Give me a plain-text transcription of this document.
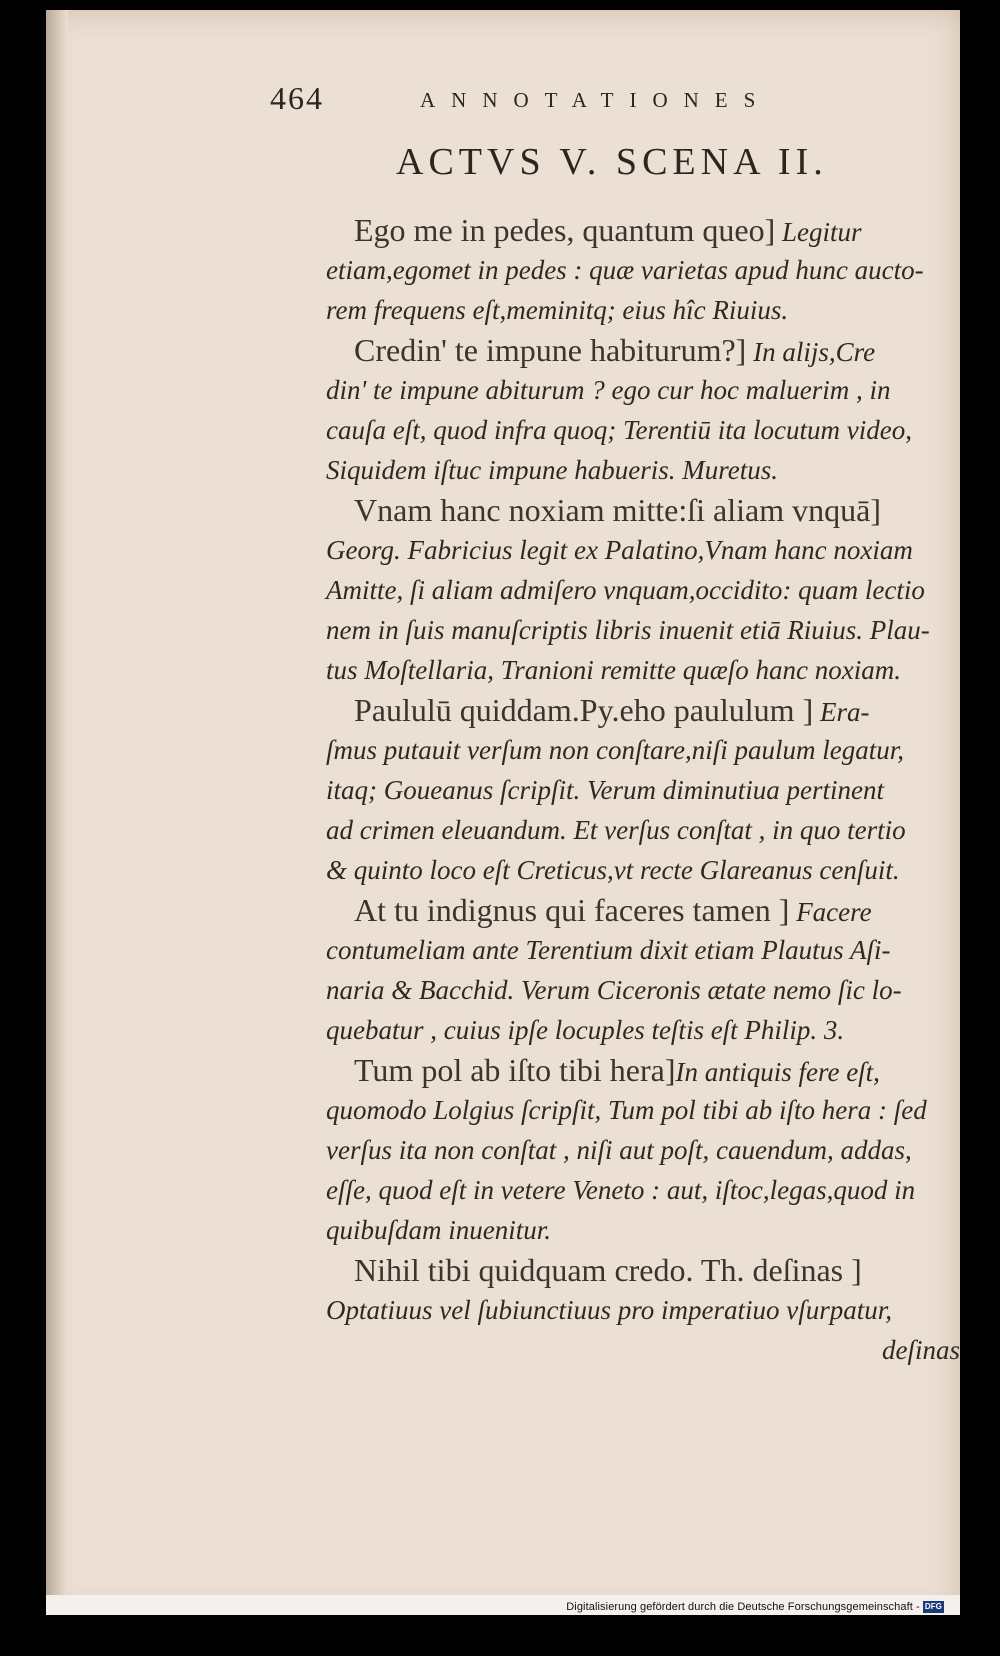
464	ANNOTATIONES
ACTVS V. SCENA II.
Ego me in pedes, quantum queo] Legitur
etiam,egomet in pedes : quæ varietas apud hunc aucto-
rem frequens eſt,meminitq; eius hîc Riuius.
Credin' te impune habiturum?] In aliјs,Cre
din' te impune abiturum ? ego cur hoc maluerim , in
cauſa eſt, quod infra quoq; Terentiū ita locutum video,
Siquidem iſtuc impune habueris. Muretus.
Vnam hanc noxiam mitte:ſi aliam vnquā]
Georg. Fabricius legit ex Palatino,Vnam hanc noxiam
Amitte, ſi aliam admiſero vnquam,occidito: quam lectio
nem in ſuis manuſcriptis libris inuenit etiā Riuius. Plau-
tus Moſtellaria, Tranioni remitte quæſo hanc noxiam.
Paululū quiddam.Py.eho paululum ] Era-
ſmus putauit verſum non conſtare,niſi paulum legatur,
itaq; Goueanus ſcripſit. Verum diminutiua pertinent
ad crimen eleuandum. Et verſus conſtat , in quo tertio
& quinto loco eſt Creticus,vt recte Glareanus cenſuit.
At tu indignus qui faceres tamen ] Facere
contumeliam ante Terentium dixit etiam Plautus Aſi-
naria & Bacchid. Verum Ciceronis ætate nemo ſic lo-
quebatur , cuius ipſe locuples teſtis eſt Philip. 3.
Tum pol ab iſto tibi hera]In antiquis fere eſt,
quomodo Lolgius ſcripſit, Tum pol tibi ab iſto hera : ſed
verſus ita non conſtat , niſi aut poſt, cauendum, addas,
eſſe, quod eſt in vetere Veneto : aut, iſtoc,legas,quod in
quibuſdam inuenitur.
Nihil tibi quidquam credo. Th. deſinas ]
Optatiuus vel ſubiunctiuus pro imperatiuo vſurpatur,
deſinas
Digitalisierung gefördert durch die Deutsche Forschungsgemeinschaft - DFG
